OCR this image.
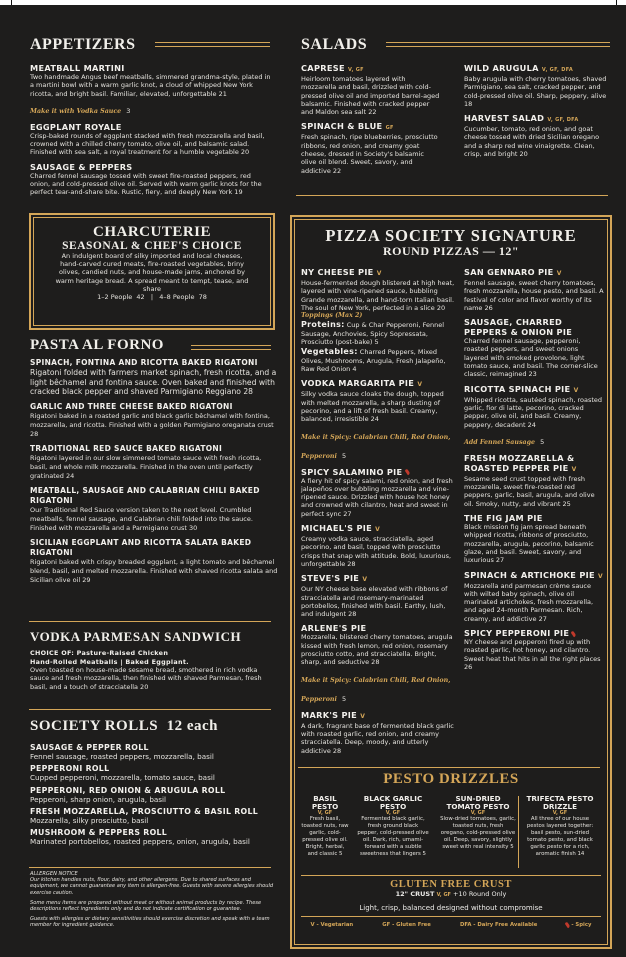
APPETIZERS
MEATBALL MARTINI
Two handmade Angus beef meatballs, simmered grandma-style, plated in a martini bowl with a warm garlic knot, a cloud of whipped New York ricotta, and bright basil. Familiar, elevated, unforgettable 21
Make it with Vodka Sauce 3
EGGPLANT ROYALE
Crisp-baked rounds of eggplant stacked with fresh mozzarella and basil, crowned with a chilled cherry tomato, olive oil, and balsamic salad. Finished with sea salt, a royal treatment for a humble vegetable 20
SAUSAGE & PEPPERS
Charred fennel sausage tossed with sweet fire-roasted peppers, red onion, and cold-pressed olive oil. Served with warm garlic knots for the perfect tear-and-share bite. Rustic, fiery, and deeply New York 19
CHARCUTERIE
SEASONAL & CHEF'S CHOICE
An indulgent board of silky imported and local cheeses, hand-carved cured meats, fire-roasted vegetables, briny olives, candied nuts, and house-made jams, anchored by warm heritage bread. A spread meant to tempt, tease, and share
1–2 People  42   |   4–8 People  78
PASTA AL FORNO
SPINACH, FONTINA AND RICOTTA BAKED RIGATONI
Rigatoni folded with farmers market spinach, fresh ricotta, and a light bêchamel and fontina sauce. Oven baked and finished with cracked black pepper and shaved Parmigiano Reggiano 28
GARLIC AND THREE CHEESE BAKED RIGATONI
Rigatoni baked in a roasted garlic and black garlic bêchamel with fontina, mozzarella, and ricotta. Finished with a golden Parmigiano oreganata crust 28
TRADITIONAL RED SAUCE BAKED RIGATONI
Rigatoni layered in our slow simmered tomato sauce with fresh ricotta, basil, and whole milk mozzarella. Finished in the oven until perfectly gratinated 24
MEATBALL, SAUSAGE AND CALABRIAN CHILI BAKED RIGATONI
Our Traditional Red Sauce version taken to the next level. Crumbled meatballs, fennel sausage, and Calabrian chili folded into the sauce. Finished with mozzarella and a Parmigiano crust 30
SICILIAN EGGPLANT AND RICOTTA SALATA BAKED RIGATONI
Rigatoni baked with crispy breaded eggplant, a light tomato and bêchamel blend, basil, and melted mozzarella. Finished with shaved ricotta salata and Sicilian olive oil 29
VODKA PARMESAN SANDWICH
CHOICE OF: Pasture-Raised Chicken
Hand-Rolled Meatballs | Baked Eggplant.
Oven toasted on house-made sesame bread, smothered in rich vodka sauce and fresh mozzarella, then finished with shaved Parmesan, fresh basil, and a touch of stracciatella 20
SOCIETY ROLLS 12 each
SAUSAGE & PEPPER ROLL
Fennel sausage, roasted peppers, mozzarella, basil
PEPPERONI ROLL
Cupped pepperoni, mozzarella, tomato sauce, basil
PEPPERONI, RED ONION & ARUGULA ROLL
Pepperoni, sharp onion, arugula, basil
FRESH MOZZARELLA, PROSCIUTTO & BASIL ROLL
Mozzarella, silky prosciutto, basil
MUSHROOM & PEPPERS ROLL
Marinated portobellos, roasted peppers, onion, arugula, basil
ALLERGEN NOTICE
Our kitchen handles nuts, flour, dairy, and other allergens. Due to shared surfaces and equipment, we cannot guarantee any item is allergen-free. Guests with severe allergies should exercise caution.
Some menu items are prepared without meat or without animal products by recipe. These descriptions reflect ingredients only and do not indicate certification or guarantee.
Guests with allergies or dietary sensitivities should exercise discretion and speak with a team member for ingredient guidance.
SALADS
CAPRESE V, GF
Heirloom tomatoes layered with mozzarella and basil, drizzled with cold-pressed olive oil and imported barrel-aged balsamic. Finished with cracked pepper and Maldon sea salt 22
SPINACH & BLUE GF
Fresh spinach, ripe blueberries, prosciutto ribbons, red onion, and creamy goat cheese, dressed in Society's balsamic olive oil blend. Sweet, savory, and addictive 22
WILD ARUGULA V, GF, DFA
Baby arugula with cherry tomatoes, shaved Parmigiano, sea salt, cracked pepper, and cold-pressed olive oil. Sharp, peppery, alive 18
HARVEST SALAD V, GF, DFA
Cucumber, tomato, red onion, and goat cheese tossed with dried Sicilian oregano and a sharp red wine vinaigrette. Clean, crisp, and bright 20
PIZZA SOCIETY SIGNATURE
ROUND PIZZAS — 12"
NY CHEESE PIE V
House-fermented dough blistered at high heat, layered with vine-ripened sauce, bubbling Grande mozzarella, and hand-torn Italian basil. The soul of New York, perfected in a slice 20
Toppings (Max 2)
Proteins: Cup & Char Pepperoni, Fennel Sausage, Anchovies, Spicy Sopressata, Prosciutto (post-bake) 5
Vegetables: Charred Peppers, Mixed Olives, Mushrooms, Arugula, Fresh Jalapeño, Raw Red Onion 4
VODKA MARGARITA PIE V
Silky vodka sauce cloaks the dough, topped with melted mozzarella, a sharp dusting of pecorino, and a lift of fresh basil. Creamy, balanced, irresistible 24
Make it Spicy: Calabrian Chili, Red Onion, Pepperoni 5
SPICY SALAMINO PIE
A fiery hit of spicy salami, red onion, and fresh jalapeños over bubbling mozzarella and vine-ripened sauce. Drizzled with house hot honey and crowned with cilantro, heat and sweet in perfect sync 27
MICHAEL'S PIE V
Creamy vodka sauce, stracciatella, aged pecorino, and basil, topped with prosciutto crisps that snap with attitude. Bold, luxurious, unforgettable 28
STEVE'S PIE V
Our NY cheese base elevated with ribbons of stracciatella and rosemary-marinated portobellos, finished with basil. Earthy, lush, and indulgent 28
ARLENE'S PIE
Mozzarella, blistered cherry tomatoes, arugula kissed with fresh lemon, red onion, rosemary prosciutto cotto, and stracciatella. Bright, sharp, and seductive 28
Make it Spicy: Calabrian Chili, Red Onion, Pepperoni 5
MARK'S PIE V
A dark, fragrant base of fermented black garlic with roasted garlic, red onion, and creamy stracciatella. Deep, moody, and utterly addictive 28
SAN GENNARO PIE V
Fennel sausage, sweet cherry tomatoes, fresh mozzarella, house pesto, and basil. A festival of color and flavor worthy of its name 26
SAUSAGE, CHARRED PEPPERS & ONION PIE
Charred fennel sausage, pepperoni, roasted peppers, and sweet onions layered with smoked provolone, light tomato sauce, and basil. The corner-slice classic, reimagined 23
RICOTTA SPINACH PIE V
Whipped ricotta, sautéed spinach, roasted garlic, fior di latte, pecorino, cracked pepper, olive oil, and basil. Creamy, peppery, decadent 24
Add Fennel Sausage 5
FRESH MOZZARELLA & ROASTED PEPPER PIE V
Sesame seed crust topped with fresh mozzarella, sweet fire-roasted red peppers, garlic, basil, arugula, and olive oil. Smoky, nutty, and vibrant 25
THE FIG JAM PIE
Black mission fig jam spread beneath whipped ricotta, ribbons of prosciutto, mozzarella, arugula, pecorino, balsamic glaze, and basil. Sweet, savory, and luxurious 27
SPINACH & ARTICHOKE PIE V
Mozzarella and parmesan crème sauce with wilted baby spinach, olive oil marinated artichokes, fresh mozzarella, and aged 24-month Parmesan. Rich, creamy, and addictive 27
SPICY PEPPERONI PIE
NY cheese and pepperoni fired up with roasted garlic, hot honey, and cilantro. Sweet heat that hits in all the right places 26
PESTO DRIZZLES
BASIL PESTO
V, GF
Fresh basil, toasted nuts, raw garlic, cold-pressed olive oil. Bright, herbal, and classic 5
BLACK GARLIC PESTO
V, GF
Fermented black garlic, fresh ground black pepper, cold-pressed olive oil. Dark, rich, umami-forward with a subtle sweetness that lingers 5
SUN-DRIED TOMATO PESTO
V, GF
Slow-dried tomatoes, garlic, toasted nuts, fresh oregano, cold-pressed olive oil. Deep, savory, slightly sweet with real intensity 5
TRIFECTA PESTO DRIZZLE
V, GF
All three of our house pestos layered together: basil pesto, sun-dried tomato pesto, and black garlic pesto for a rich, aromatic finish 14
GLUTEN FREE CRUST
12" CRUST V, GF +10 Round Only
Light, crisp, balanced designed without compromise
V - Vegetarian	GF - Gluten Free	DFA - Dairy Free Available	- Spicy
